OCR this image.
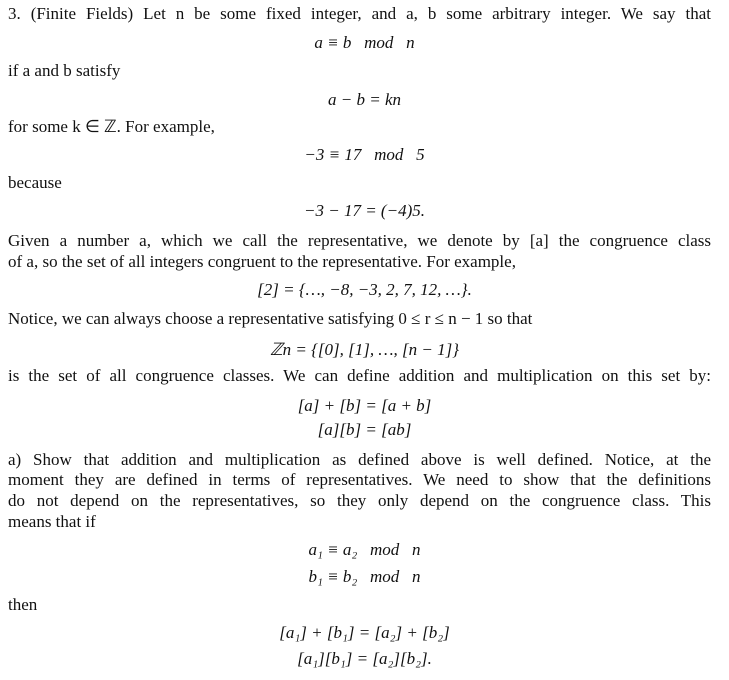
3. (Finite Fields) Let n be some fixed integer, and a, b some arbitrary integer. We say that
a ≡ b   mod   n
if a and b satisfy
a − b = kn
for some k ∈ ℤ. For example,
−3 ≡ 17   mod   5
because
−3 − 17 = (−4)5.
Given a number a, which we call the representative, we denote by [a] the congruence class
of a, so the set of all integers congruent to the representative. For example,
[2] = {…, −8, −3, 2, 7, 12, …}.
Notice, we can always choose a representative satisfying 0 ≤ r ≤ n − 1 so that
ℤn = {[0], [1], …, [n − 1]}
is the set of all congruence classes. We can define addition and multiplication on this set by:
[a] + [b] = [a + b]
[a][b] = [ab]
a) Show that addition and multiplication as defined above is well defined. Notice, at the
moment they are defined in terms of representatives. We need to show that the definitions
do not depend on the representatives, so they only depend on the congruence class. This
means that if
a₁ ≡ a₂   mod   n
b₁ ≡ b₂   mod   n
then
[a₁] + [b₁] = [a₂] + [b₂]
[a₁][b₁] = [a₂][b₂].
